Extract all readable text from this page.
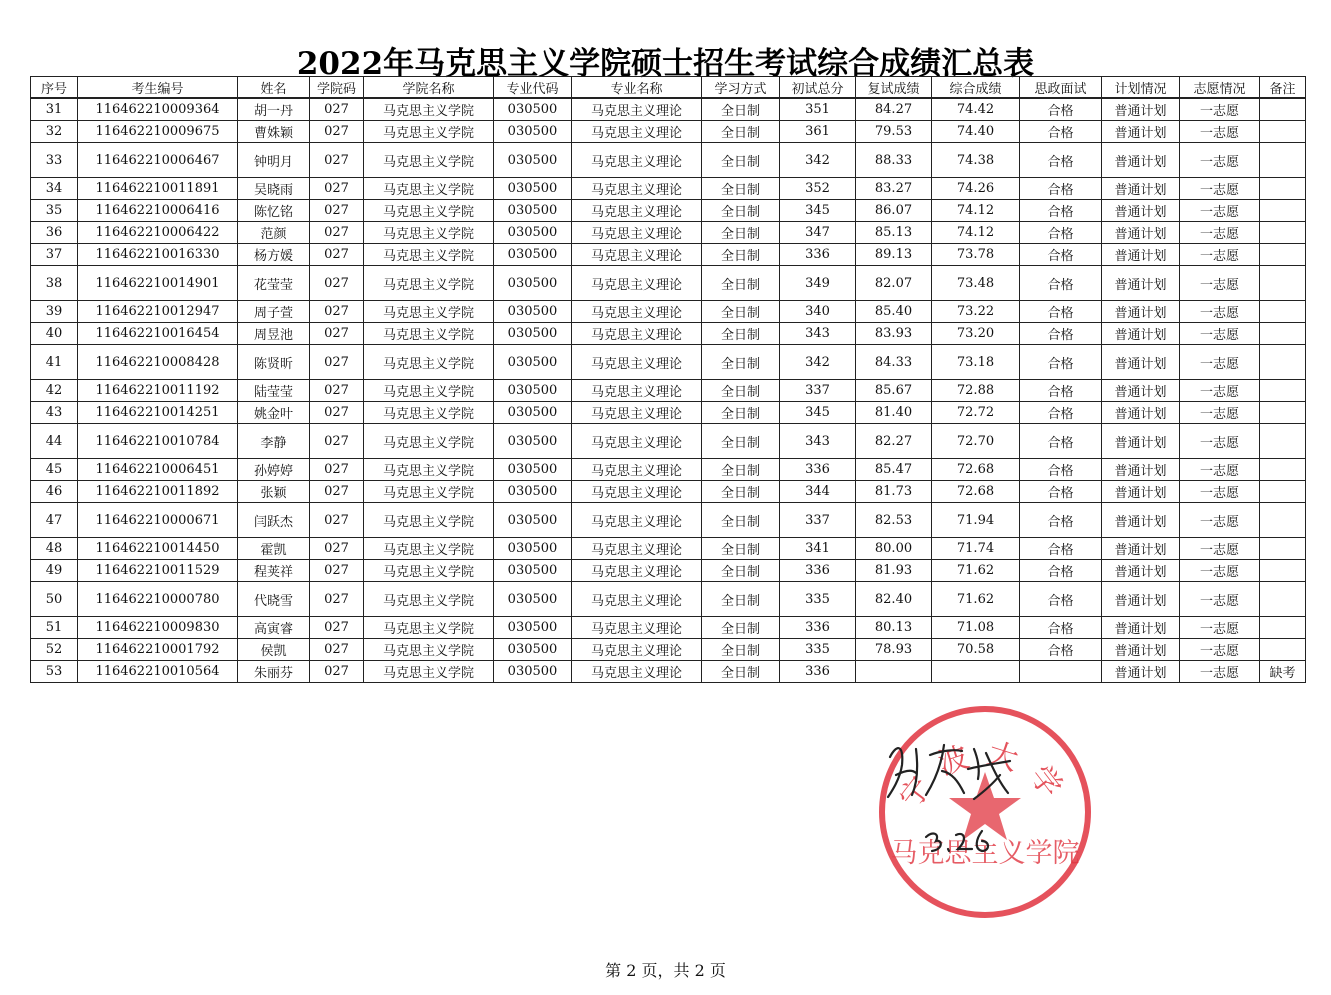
2022年马克思主义学院硕士招生考试综合成绩汇总表
序号	考生编号	姓名	学院码	学院名称	专业代码	专业名称	学习方式	初试总分	复试成绩	综合成绩	思政面试	计划情况	志愿情况	备注
31	116462210009364	胡一丹	027	马克思主义学院	030500	马克思主义理论	全日制	351	84.27	74.42	合格	普通计划	一志愿	
32	116462210009675	曹姝颖	027	马克思主义学院	030500	马克思主义理论	全日制	361	79.53	74.40	合格	普通计划	一志愿	
33	116462210006467	钟明月	027	马克思主义学院	030500	马克思主义理论	全日制	342	88.33	74.38	合格	普通计划	一志愿	
34	116462210011891	吴晓雨	027	马克思主义学院	030500	马克思主义理论	全日制	352	83.27	74.26	合格	普通计划	一志愿	
35	116462210006416	陈忆铭	027	马克思主义学院	030500	马克思主义理论	全日制	345	86.07	74.12	合格	普通计划	一志愿	
36	116462210006422	范颜	027	马克思主义学院	030500	马克思主义理论	全日制	347	85.13	74.12	合格	普通计划	一志愿	
37	116462210016330	杨方媛	027	马克思主义学院	030500	马克思主义理论	全日制	336	89.13	73.78	合格	普通计划	一志愿	
38	116462210014901	花莹莹	027	马克思主义学院	030500	马克思主义理论	全日制	349	82.07	73.48	合格	普通计划	一志愿	
39	116462210012947	周子萱	027	马克思主义学院	030500	马克思主义理论	全日制	340	85.40	73.22	合格	普通计划	一志愿	
40	116462210016454	周昱池	027	马克思主义学院	030500	马克思主义理论	全日制	343	83.93	73.20	合格	普通计划	一志愿	
41	116462210008428	陈贤昕	027	马克思主义学院	030500	马克思主义理论	全日制	342	84.33	73.18	合格	普通计划	一志愿	
42	116462210011192	陆莹莹	027	马克思主义学院	030500	马克思主义理论	全日制	337	85.67	72.88	合格	普通计划	一志愿	
43	116462210014251	姚金叶	027	马克思主义学院	030500	马克思主义理论	全日制	345	81.40	72.72	合格	普通计划	一志愿	
44	116462210010784	李静	027	马克思主义学院	030500	马克思主义理论	全日制	343	82.27	72.70	合格	普通计划	一志愿	
45	116462210006451	孙婷婷	027	马克思主义学院	030500	马克思主义理论	全日制	336	85.47	72.68	合格	普通计划	一志愿	
46	116462210011892	张颖	027	马克思主义学院	030500	马克思主义理论	全日制	344	81.73	72.68	合格	普通计划	一志愿	
47	116462210000671	闫跃杰	027	马克思主义学院	030500	马克思主义理论	全日制	337	82.53	71.94	合格	普通计划	一志愿	
48	116462210014450	霍凯	027	马克思主义学院	030500	马克思主义理论	全日制	341	80.00	71.74	合格	普通计划	一志愿	
49	116462210011529	程荚祥	027	马克思主义学院	030500	马克思主义理论	全日制	336	81.93	71.62	合格	普通计划	一志愿	
50	116462210000780	代晓雪	027	马克思主义学院	030500	马克思主义理论	全日制	335	82.40	71.62	合格	普通计划	一志愿	
51	116462210009830	高寅睿	027	马克思主义学院	030500	马克思主义理论	全日制	336	80.13	71.08	合格	普通计划	一志愿	
52	116462210001792	侯凯	027	马克思主义学院	030500	马克思主义理论	全日制	335	78.93	70.58	合格	普通计划	一志愿	
53	116462210010564	朱丽芬	027	马克思主义学院	030500	马克思主义理论	全日制	336				普通计划	一志愿	缺考
宁波大学
马克思主义学院
第 2 页，共 2 页
